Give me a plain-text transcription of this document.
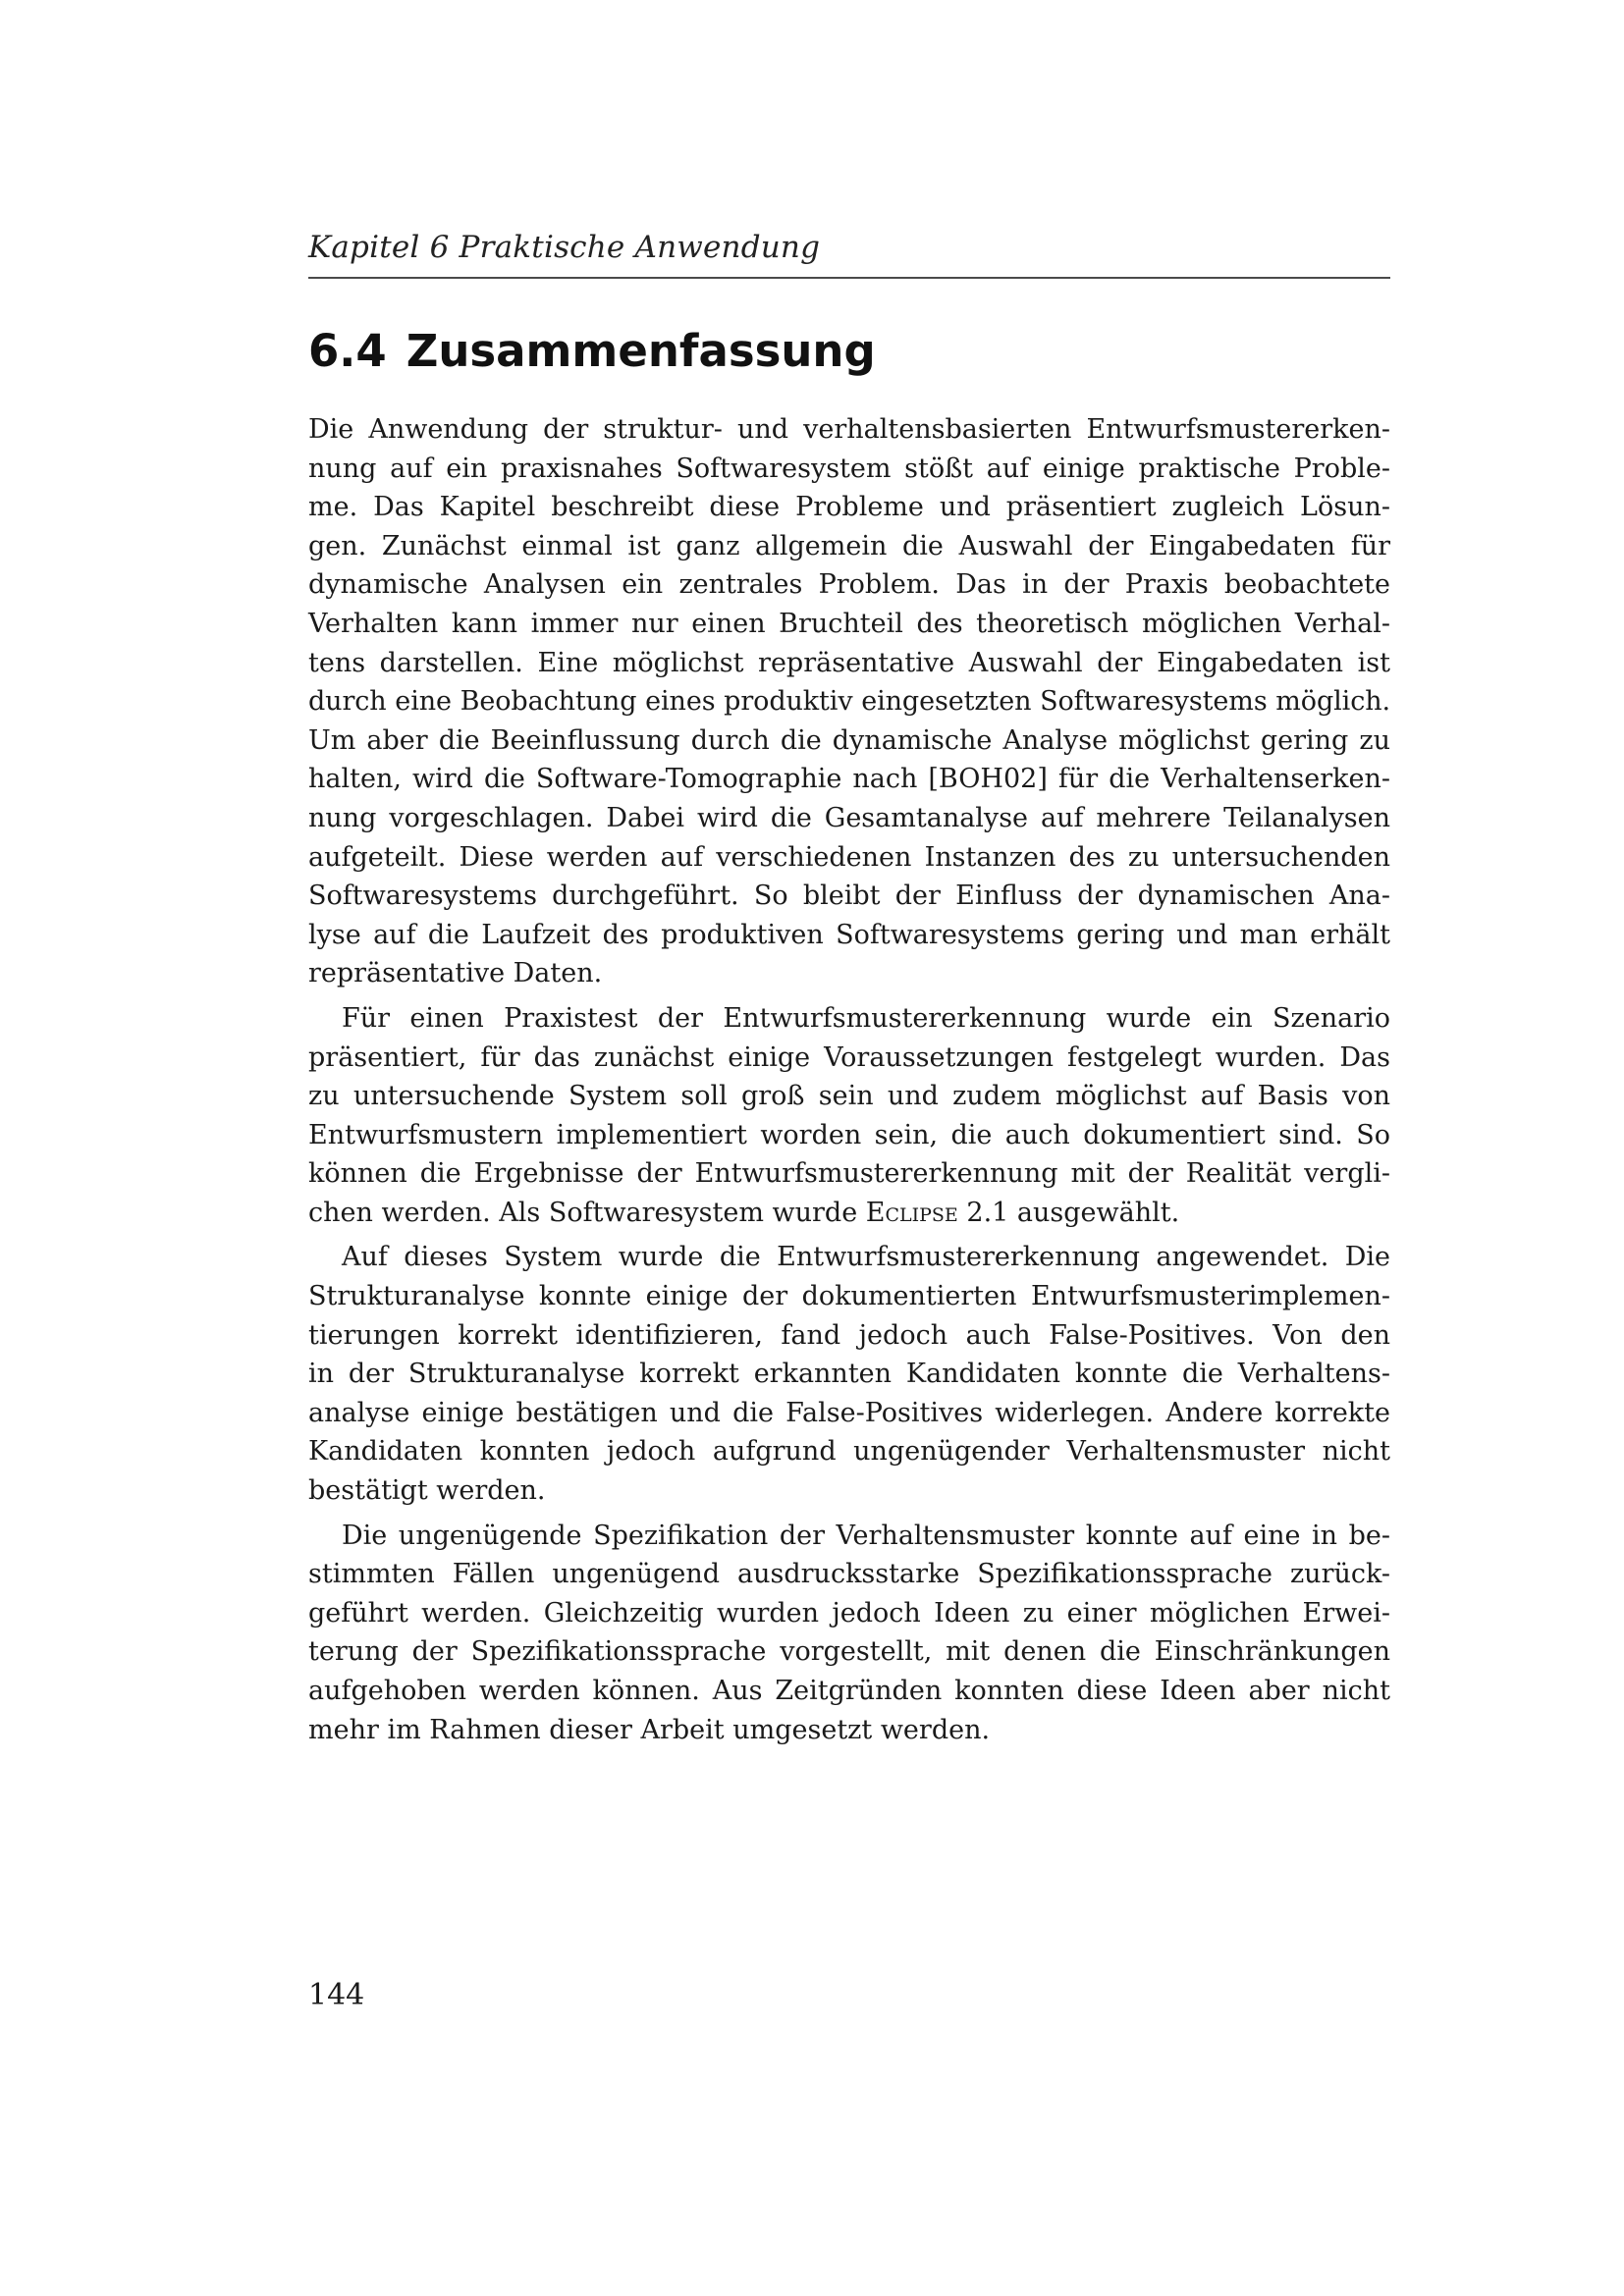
Kapitel 6 Praktische Anwendung
6.4 Zusammenfassung

Die Anwendung der struktur- und verhaltensbasierten Entwurfsmustererken-
nung auf ein praxisnahes Softwaresystem stößt auf einige praktische Proble-
me. Das Kapitel beschreibt diese Probleme und präsentiert zugleich Lösun-
gen. Zunächst einmal ist ganz allgemein die Auswahl der Eingabedaten für
dynamische Analysen ein zentrales Problem. Das in der Praxis beobachtete
Verhalten kann immer nur einen Bruchteil des theoretisch möglichen Verhal-
tens darstellen. Eine möglichst repräsentative Auswahl der Eingabedaten ist
durch eine Beobachtung eines produktiv eingesetzten Softwaresystems möglich.
Um aber die Beeinflussung durch die dynamische Analyse möglichst gering zu
halten, wird die Software-Tomographie nach [BOH02] für die Verhaltenserken-
nung vorgeschlagen. Dabei wird die Gesamtanalyse auf mehrere Teilanalysen
aufgeteilt. Diese werden auf verschiedenen Instanzen des zu untersuchenden
Softwaresystems durchgeführt. So bleibt der Einfluss der dynamischen Ana-
lyse auf die Laufzeit des produktiven Softwaresystems gering und man erhält
repräsentative Daten.

Für einen Praxistest der Entwurfsmustererkennung wurde ein Szenario
präsentiert, für das zunächst einige Voraussetzungen festgelegt wurden. Das
zu untersuchende System soll groß sein und zudem möglichst auf Basis von
Entwurfsmustern implementiert worden sein, die auch dokumentiert sind. So
können die Ergebnisse der Entwurfsmustererkennung mit der Realität vergli-
chen werden. Als Softwaresystem wurde Eclipse 2.1 ausgewählt.

Auf dieses System wurde die Entwurfsmustererkennung angewendet. Die
Strukturanalyse konnte einige der dokumentierten Entwurfsmusterimplemen-
tierungen korrekt identifizieren, fand jedoch auch False-Positives. Von den
in der Strukturanalyse korrekt erkannten Kandidaten konnte die Verhaltens-
analyse einige bestätigen und die False-Positives widerlegen. Andere korrekte
Kandidaten konnten jedoch aufgrund ungenügender Verhaltensmuster nicht
bestätigt werden.

Die ungenügende Spezifikation der Verhaltensmuster konnte auf eine in be-
stimmten Fällen ungenügend ausdrucksstarke Spezifikationssprache zurück-
geführt werden. Gleichzeitig wurden jedoch Ideen zu einer möglichen Erwei-
terung der Spezifikationssprache vorgestellt, mit denen die Einschränkungen
aufgehoben werden können. Aus Zeitgründen konnten diese Ideen aber nicht
mehr im Rahmen dieser Arbeit umgesetzt werden.

144
